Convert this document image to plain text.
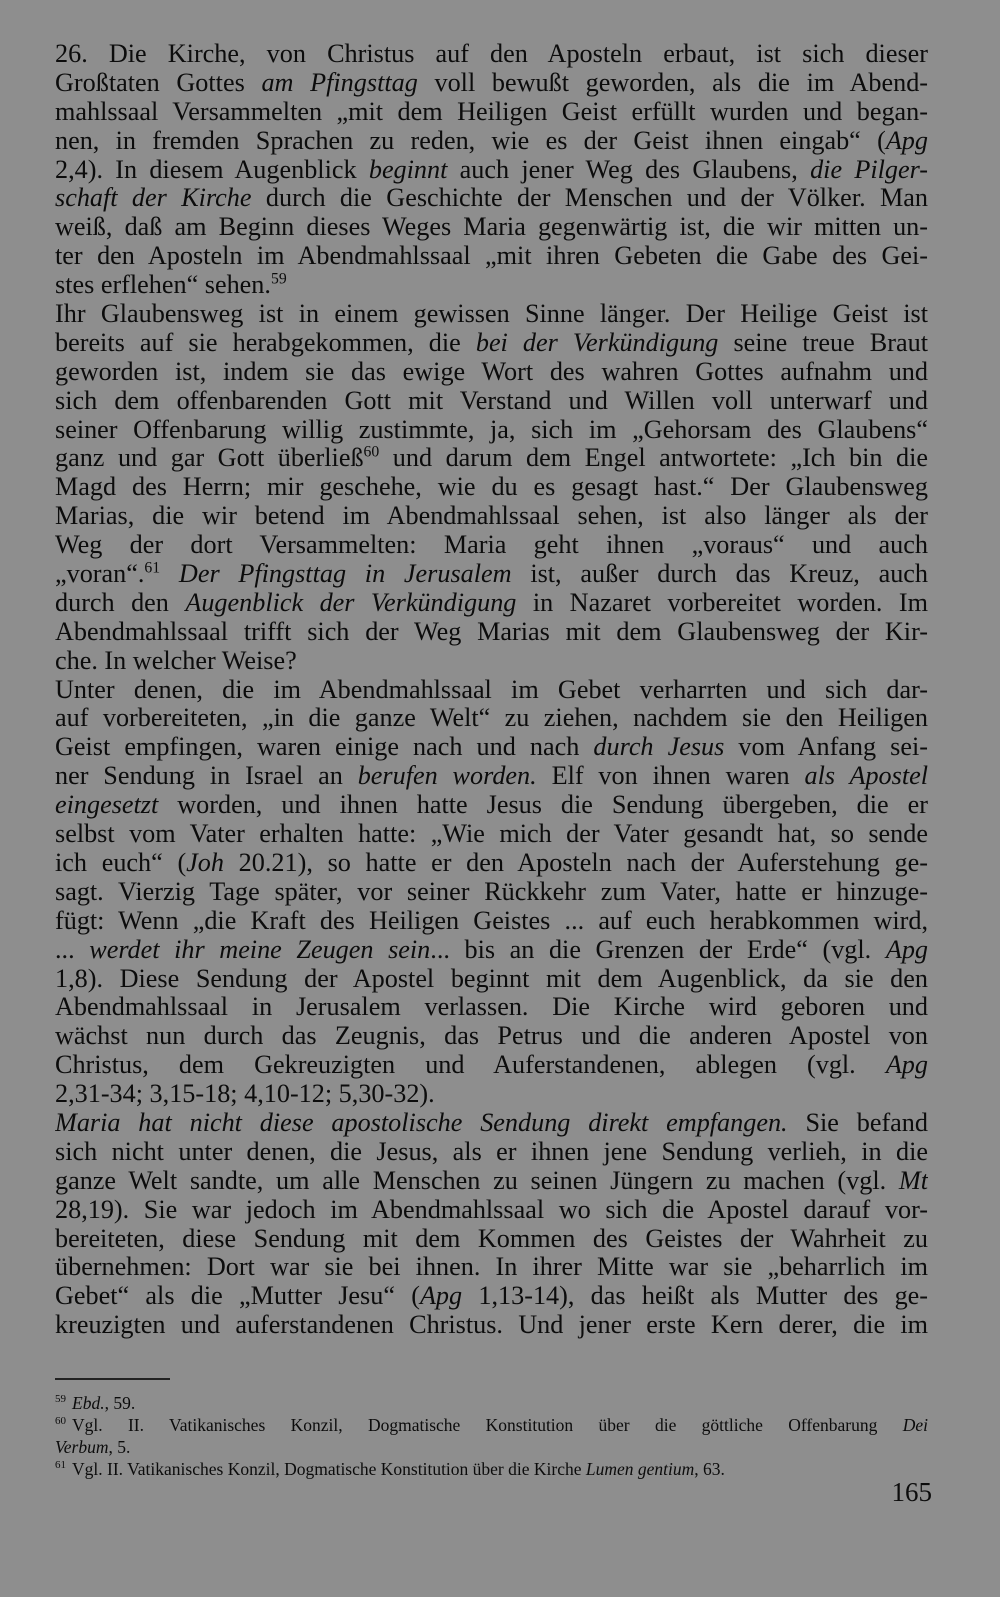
26. Die Kirche, von Christus auf den Aposteln erbaut, ist sich dieser
Großtaten Gottes am Pfingsttag voll bewußt geworden, als die im Abend-
mahlssaal Versammelten „mit dem Heiligen Geist erfüllt wurden und began-
nen, in fremden Sprachen zu reden, wie es der Geist ihnen eingab“ (Apg
2,4). In diesem Augenblick beginnt auch jener Weg des Glaubens, die Pilger-
schaft der Kirche durch die Geschichte der Menschen und der Völker. Man
weiß, daß am Beginn dieses Weges Maria gegenwärtig ist, die wir mitten un-
ter den Aposteln im Abendmahlssaal „mit ihren Gebeten die Gabe des Gei-
stes erflehen“ sehen.$^{59}$
Ihr Glaubensweg ist in einem gewissen Sinne länger. Der Heilige Geist ist
bereits auf sie herabgekommen, die bei der Verkündigung seine treue Braut
geworden ist, indem sie das ewige Wort des wahren Gottes aufnahm und
sich dem offenbarenden Gott mit Verstand und Willen voll unterwarf und
seiner Offenbarung willig zustimmte, ja, sich im „Gehorsam des Glaubens“
ganz und gar Gott überließ$^{60}$ und darum dem Engel antwortete: „Ich bin die
Magd des Herrn; mir geschehe, wie du es gesagt hast.“ Der Glaubensweg
Marias, die wir betend im Abendmahlssaal sehen, ist also länger als der
Weg der dort Versammelten: Maria geht ihnen „voraus“ und auch
„voran“.$^{61}$ Der Pfingsttag in Jerusalem ist, außer durch das Kreuz, auch
durch den Augenblick der Verkündigung in Nazaret vorbereitet worden. Im
Abendmahlssaal trifft sich der Weg Marias mit dem Glaubensweg der Kir-
che. In welcher Weise?
Unter denen, die im Abendmahlssaal im Gebet verharrten und sich dar-
auf vorbereiteten, „in die ganze Welt“ zu ziehen, nachdem sie den Heiligen
Geist empfingen, waren einige nach und nach durch Jesus vom Anfang sei-
ner Sendung in Israel an berufen worden. Elf von ihnen waren als Apostel
eingesetzt worden, und ihnen hatte Jesus die Sendung übergeben, die er
selbst vom Vater erhalten hatte: „Wie mich der Vater gesandt hat, so sende
ich euch“ (Joh 20.21), so hatte er den Aposteln nach der Auferstehung ge-
sagt. Vierzig Tage später, vor seiner Rückkehr zum Vater, hatte er hinzuge-
fügt: Wenn „die Kraft des Heiligen Geistes ... auf euch herabkommen wird,
... werdet ihr meine Zeugen sein... bis an die Grenzen der Erde“ (vgl. Apg
1,8). Diese Sendung der Apostel beginnt mit dem Augenblick, da sie den
Abendmahlssaal in Jerusalem verlassen. Die Kirche wird geboren und
wächst nun durch das Zeugnis, das Petrus und die anderen Apostel von
Christus, dem Gekreuzigten und Auferstandenen, ablegen (vgl. Apg
2,31-34; 3,15-18; 4,10-12; 5,30-32).
Maria hat nicht diese apostolische Sendung direkt empfangen. Sie befand
sich nicht unter denen, die Jesus, als er ihnen jene Sendung verlieh, in die
ganze Welt sandte, um alle Menschen zu seinen Jüngern zu machen (vgl. Mt
28,19). Sie war jedoch im Abendmahlssaal wo sich die Apostel darauf vor-
bereiteten, diese Sendung mit dem Kommen des Geistes der Wahrheit zu
übernehmen: Dort war sie bei ihnen. In ihrer Mitte war sie „beharrlich im
Gebet“ als die „Mutter Jesu“ (Apg 1,13-14), das heißt als Mutter des ge-
kreuzigten und auferstandenen Christus. Und jener erste Kern derer, die im
$^{59}$ Ebd., 59.
$^{60}$ Vgl. II. Vatikanisches Konzil, Dogmatische Konstitution über die göttliche Offenbarung Dei
Verbum, 5.
$^{61}$ Vgl. II. Vatikanisches Konzil, Dogmatische Konstitution über die Kirche Lumen gentium, 63.
165
